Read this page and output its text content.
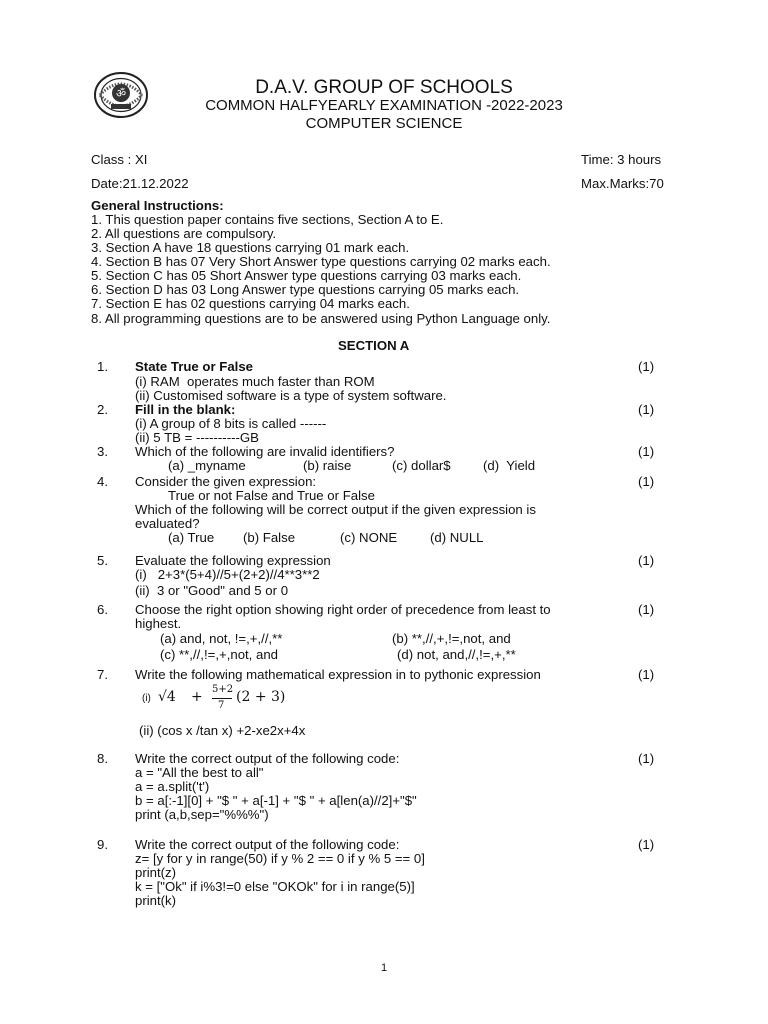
ॐ	D.A.V. GROUP OF SCHOOLS
COMMON HALFYEARLY EXAMINATION -2022-2023
COMPUTER SCIENCE
Class : XI	Time: 3 hours
Date:21.12.2022	Max.Marks:70
General Instructions:
1. This question paper contains five sections, Section A to E.
2. All questions are compulsory.
3. Section A have 18 questions carrying 01 mark each.
4. Section B has 07 Very Short Answer type questions carrying 02 marks each.
5. Section C has 05 Short Answer type questions carrying 03 marks each.
6. Section D has 03 Long Answer type questions carrying 05 marks each.
7. Section E has 02 questions carrying 04 marks each.
8. All programming questions are to be answered using Python Language only.
SECTION A
1. State True or False	(1)
(i) RAM  operates much faster than ROM
(ii) Customised software is a type of system software.
2. Fill in the blank:	(1)
(i) A group of 8 bits is called ------
(ii) 5 TB = ----------GB
3. Which of the following are invalid identifiers?	(1)
(a) _myname	(b) raise	(c) dollar$ (d)  Yield
4. Consider the given expression:	(1)
True or not False and True or False
Which of the following will be correct output if the given expression is
evaluated?
(a) True (b) False	(c) NONE (d) NULL
5. Evaluate the following expression	(1)
(i)   2+3*(5+4)//5+(2+2)//4**3**2
(ii)  3 or "Good" and 5 or 0
6. Choose the right option showing right order of precedence from least to	(1)
highest.
(a) and, not, !=,+,//,**	(b) **,//,+,!=,not, and
(c) **,//,!=,+,not, and	(d) not, and,//,!=,+,**
7. Write the following mathematical expression in to pythonic expression	(1)
(i) √4 + 5+2
7
(2 + 3)
(ii) (cos x /tan x) +2-xe2x+4x
8. Write the correct output of the following code:	(1)
a = "All the best to all"
a = a.split('t')
b = a[:-1][0] + "$ " + a[-1] + "$ " + a[len(a)//2]+"$"
print (a,b,sep="%%%")
9. Write the correct output of the following code:	(1)
z= [y for y in range(50) if y % 2 == 0 if y % 5 == 0]
print(z)
k = ["Ok" if i%3!=0 else "OKOk" for i in range(5)]
print(k)
1
